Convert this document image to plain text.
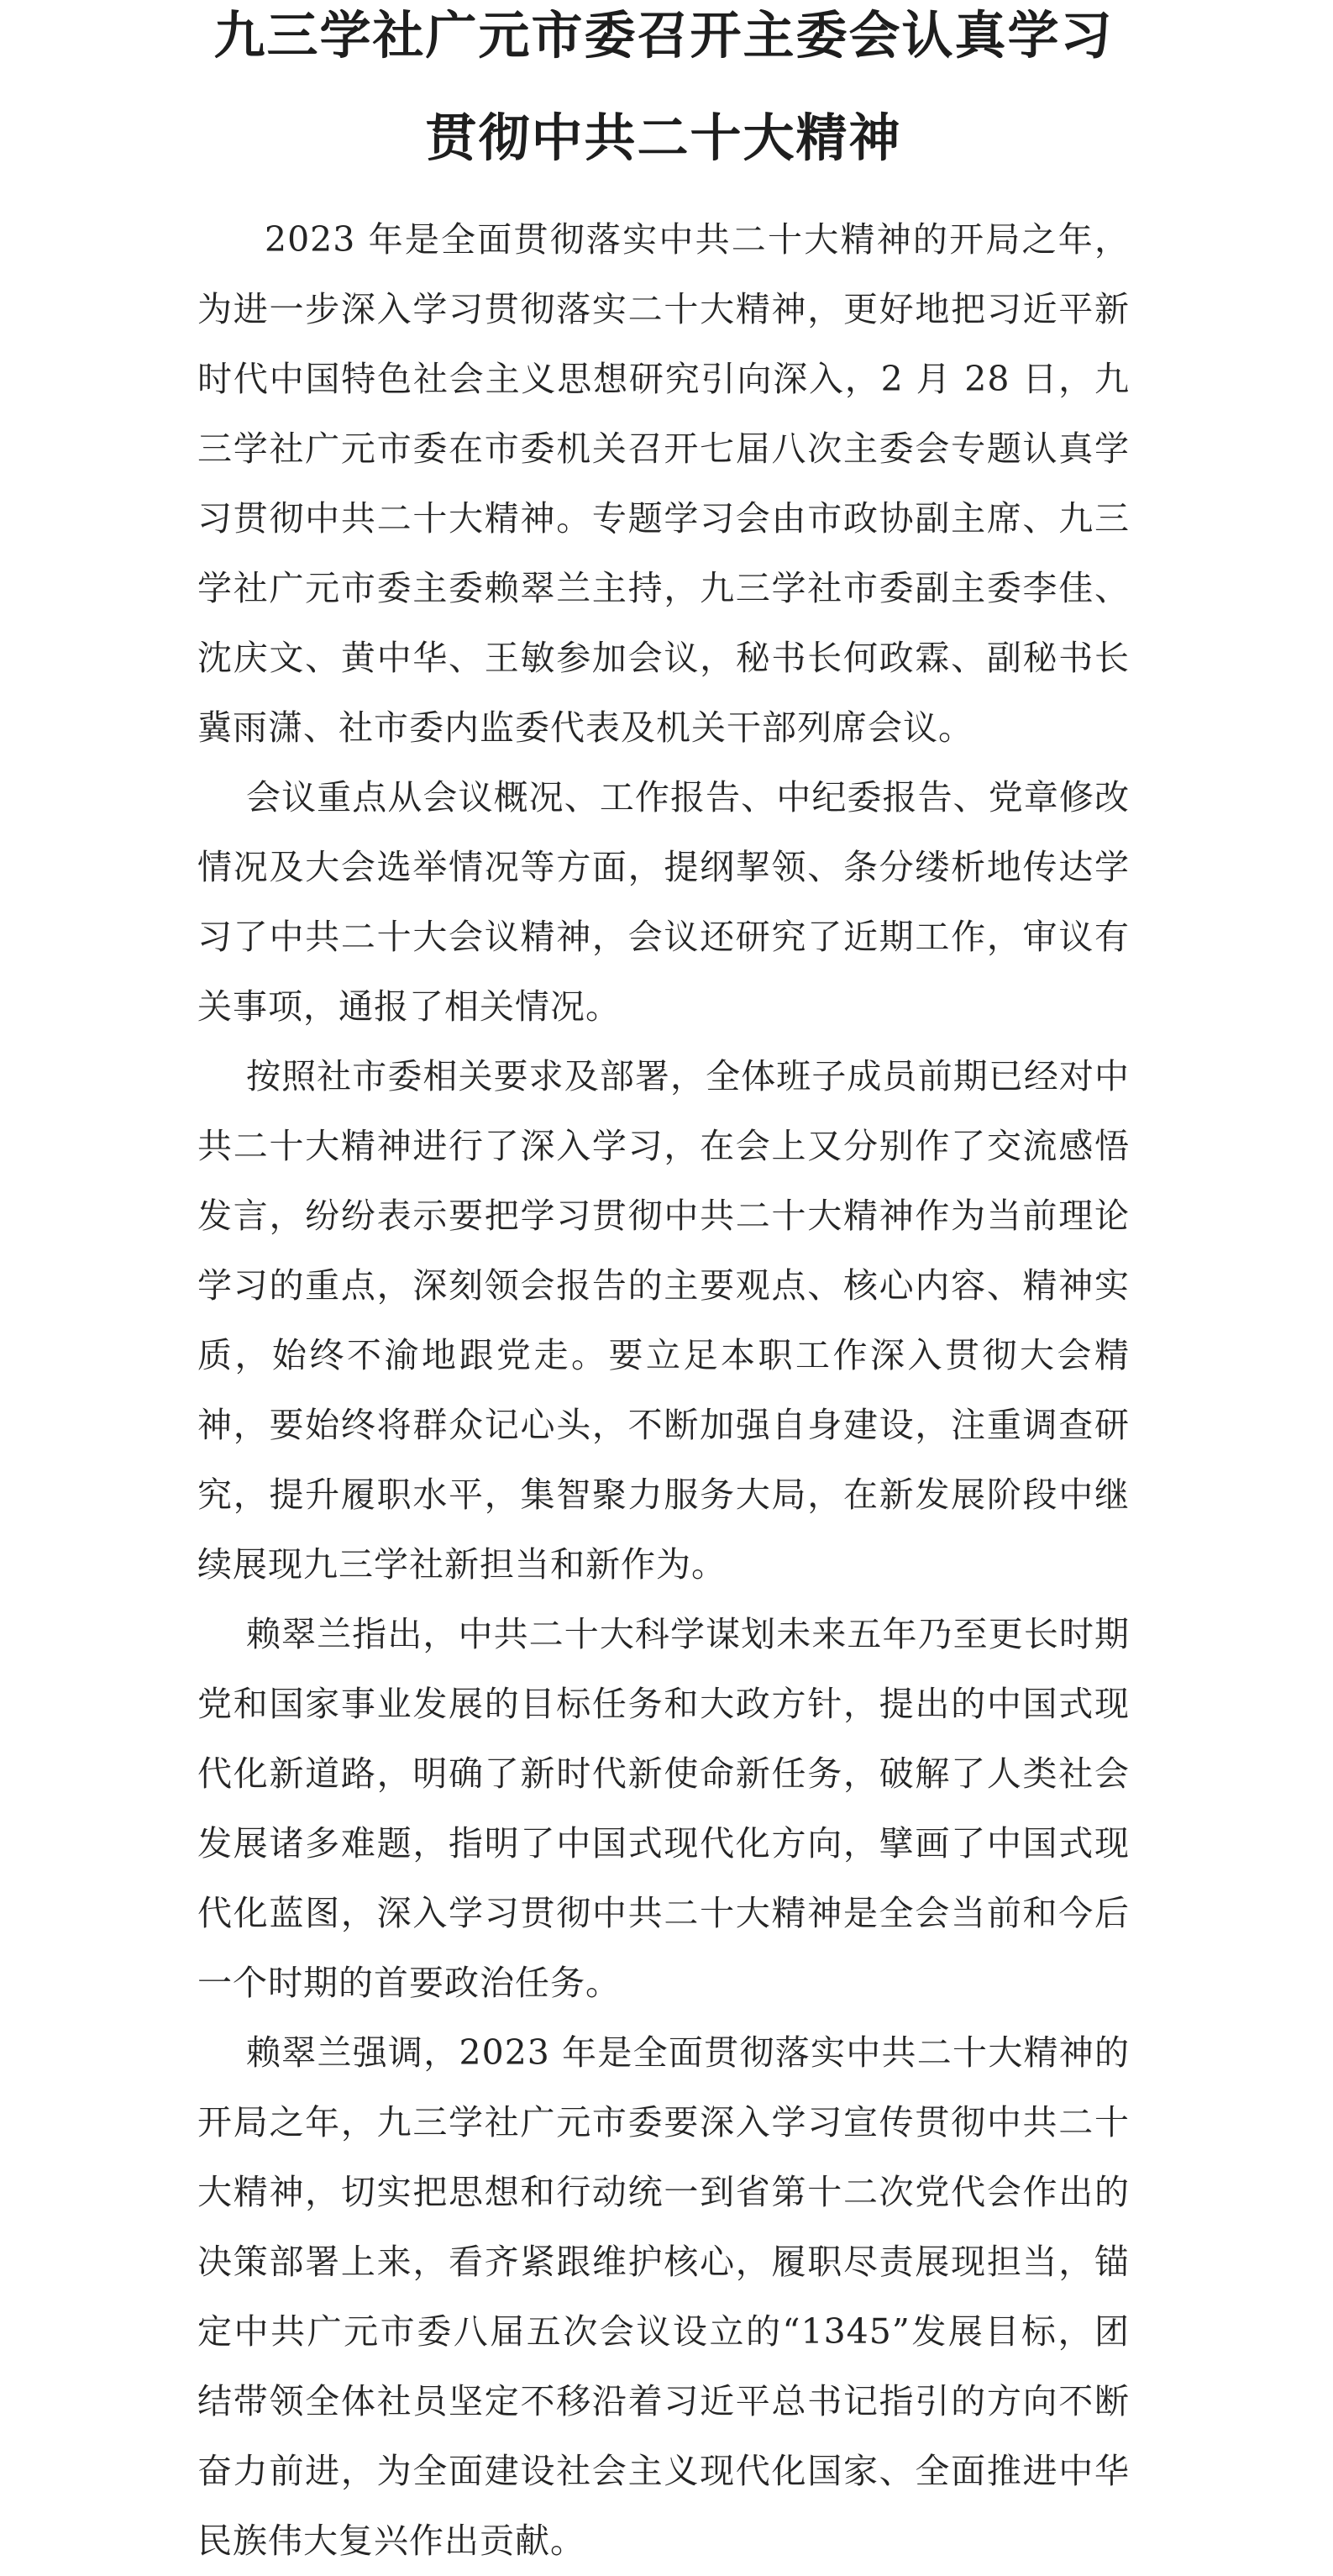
九三学社广元市委召开主委会认真学习
贯彻中共二十大精神

2023 年是全面贯彻落实中共二十大精神的开局之年，为进一步深入学习贯彻落实二十大精神，更好地把习近平新时代中国特色社会主义思想研究引向深入，2 月 28 日，九三学社广元市委在市委机关召开七届八次主委会专题认真学习贯彻中共二十大精神。专题学习会由市政协副主席、九三学社广元市委主委赖翠兰主持，九三学社市委副主委李佳、沈庆文、黄中华、王敏参加会议，秘书长何政霖、副秘书长冀雨潇、社市委内监委代表及机关干部列席会议。

会议重点从会议概况、工作报告、中纪委报告、党章修改情况及大会选举情况等方面，提纲挈领、条分缕析地传达学习了中共二十大会议精神，会议还研究了近期工作，审议有关事项，通报了相关情况。

按照社市委相关要求及部署，全体班子成员前期已经对中共二十大精神进行了深入学习，在会上又分别作了交流感悟发言，纷纷表示要把学习贯彻中共二十大精神作为当前理论学习的重点，深刻领会报告的主要观点、核心内容、精神实质，始终不渝地跟党走。要立足本职工作深入贯彻大会精神，要始终将群众记心头，不断加强自身建设，注重调查研究，提升履职水平，集智聚力服务大局，在新发展阶段中继续展现九三学社新担当和新作为。

赖翠兰指出，中共二十大科学谋划未来五年乃至更长时期党和国家事业发展的目标任务和大政方针，提出的中国式现代化新道路，明确了新时代新使命新任务，破解了人类社会发展诸多难题，指明了中国式现代化方向，擘画了中国式现代化蓝图，深入学习贯彻中共二十大精神是全会当前和今后一个时期的首要政治任务。

赖翠兰强调，2023 年是全面贯彻落实中共二十大精神的开局之年，九三学社广元市委要深入学习宣传贯彻中共二十大精神，切实把思想和行动统一到省第十二次党代会作出的决策部署上来，看齐紧跟维护核心，履职尽责展现担当，锚定中共广元市委八届五次会议设立的“1345”发展目标，团结带领全体社员坚定不移沿着习近平总书记指引的方向不断奋力前进，为全面建设社会主义现代化国家、全面推进中华民族伟大复兴作出贡献。
